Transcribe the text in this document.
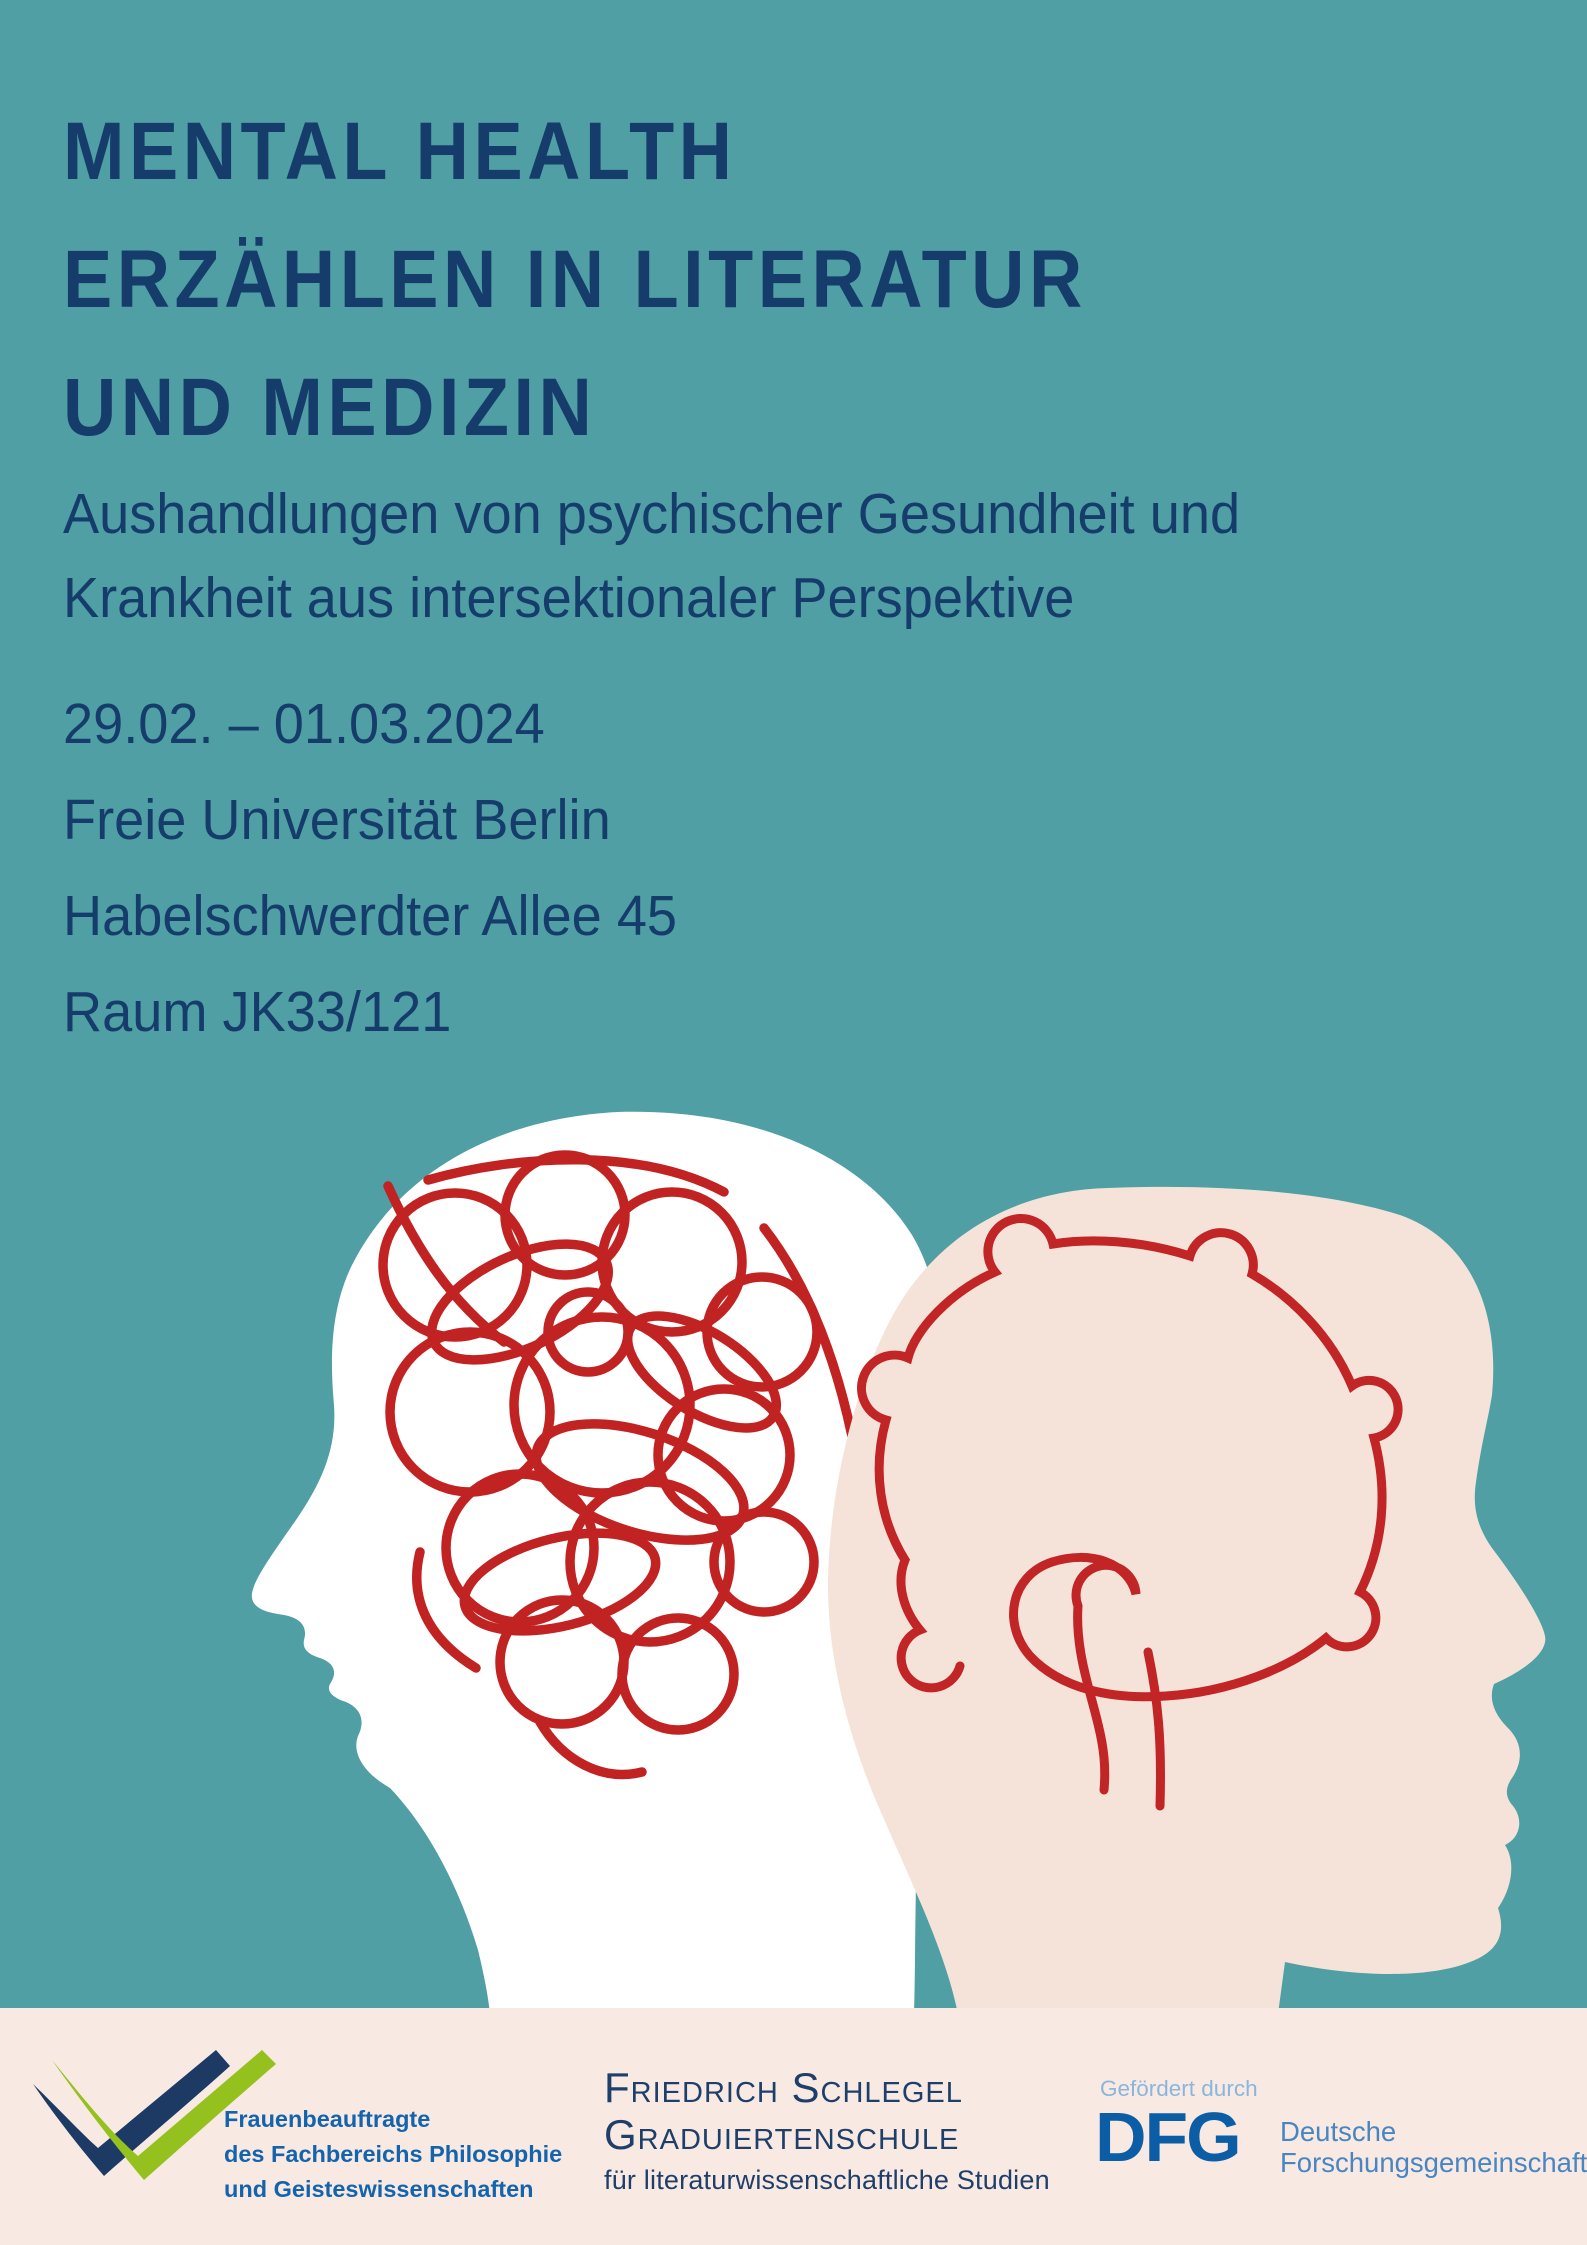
MENTAL HEALTH
ERZÄHLEN IN LITERATUR
UND MEDIZIN
Aushandlungen von psychischer Gesundheit und
Krankheit aus intersektionaler Perspektive
29.02. – 01.03.2024
Freie Universität Berlin
Habelschwerdter Allee 45
Raum JK33/121
Frauenbeauftragte
des Fachbereichs Philosophie
und Geisteswissenschaften
Friedrich Schlegel
Graduiertenschule
für literaturwissenschaftliche Studien
Gefördert durch
DFG Deutsche
Forschungsgemeinschaft
